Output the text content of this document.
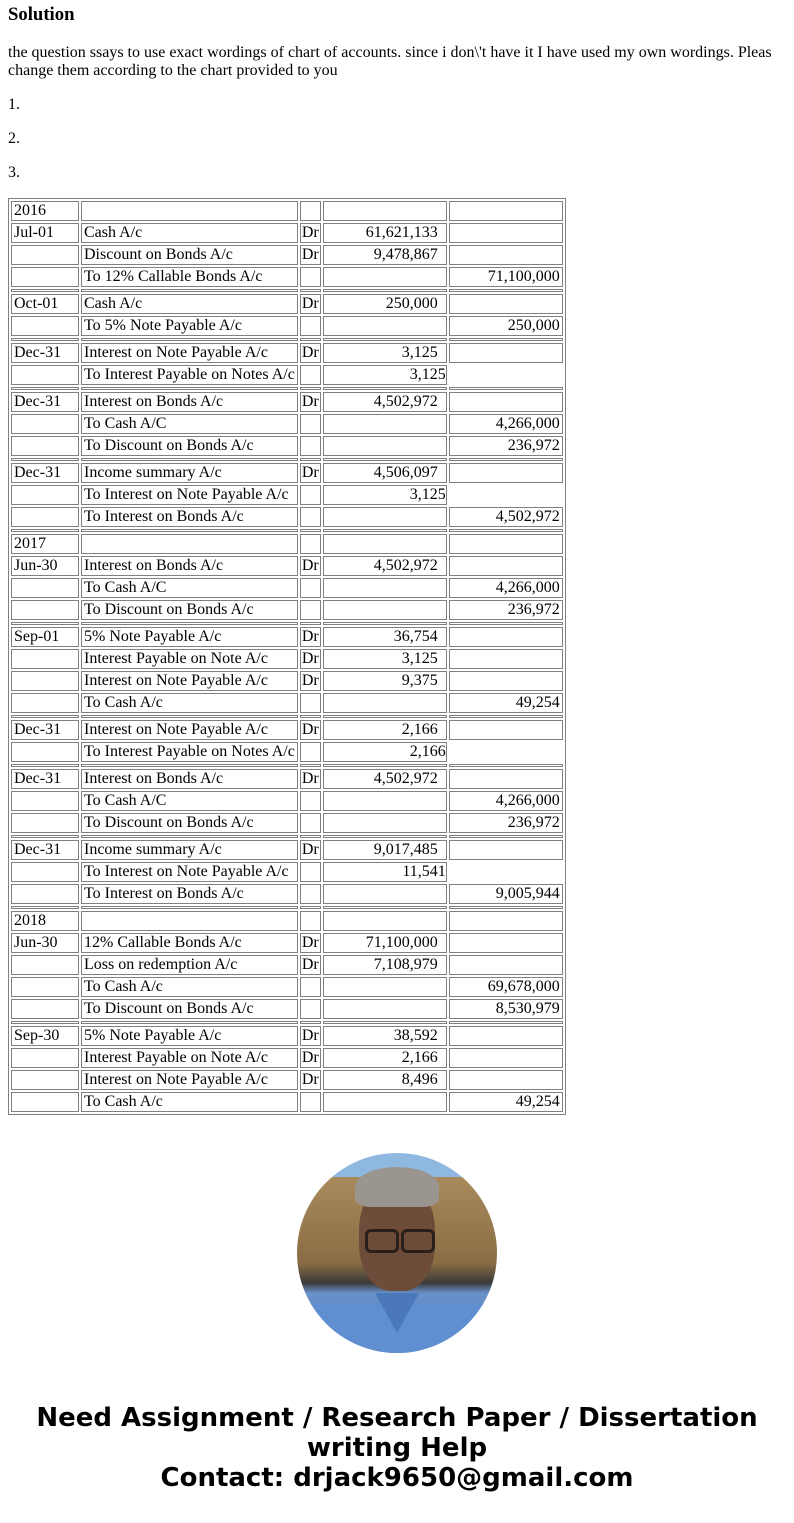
Solution

the question ssays to use exact wordings of chart of accounts. since i don\'t have it I have used my own wordings. Pleas change them according to the chart provided to you

1.

2.

3.

2016				
Jul-01	Cash A/c	Dr	61,621,133	
	Discount on Bonds A/c	Dr	9,478,867	
	To 12% Callable Bonds A/c			71,100,000

Oct-01	Cash A/c	Dr	250,000	
	To 5% Note Payable A/c			250,000

Dec-31	Interest on Note Payable A/c	Dr	3,125	
	To Interest Payable on Notes A/c		3,125	

Dec-31	Interest on Bonds A/c	Dr	4,502,972	
	To Cash A/C			4,266,000
	To Discount on Bonds A/c			236,972

Dec-31	Income summary A/c	Dr	4,506,097	
	To Interest on Note Payable A/c		3,125	
	To Interest on Bonds A/c			4,502,972

2017				
Jun-30	Interest on Bonds A/c	Dr	4,502,972	
	To Cash A/C			4,266,000
	To Discount on Bonds A/c			236,972

Sep-01	5% Note Payable A/c	Dr	36,754	
	Interest Payable on Note A/c	Dr	3,125	
	Interest on Note Payable A/c	Dr	9,375	
	To Cash A/c			49,254

Dec-31	Interest on Note Payable A/c	Dr	2,166	
	To Interest Payable on Notes A/c		2,166	

Dec-31	Interest on Bonds A/c	Dr	4,502,972	
	To Cash A/C			4,266,000
	To Discount on Bonds A/c			236,972

Dec-31	Income summary A/c	Dr	9,017,485	
	To Interest on Note Payable A/c		11,541	
	To Interest on Bonds A/c			9,005,944

2018				
Jun-30	12% Callable Bonds A/c	Dr	71,100,000	
	Loss on redemption A/c	Dr	7,108,979	
	To Cash A/c			69,678,000
	To Discount on Bonds A/c			8,530,979

Sep-30	5% Note Payable A/c	Dr	38,592	
	Interest Payable on Note A/c	Dr	2,166	
	Interest on Note Payable A/c	Dr	8,496	
	To Cash A/c			49,254
Need Assignment / Research Paper / Dissertation writing Help
Contact: drjack9650@gmail.com
